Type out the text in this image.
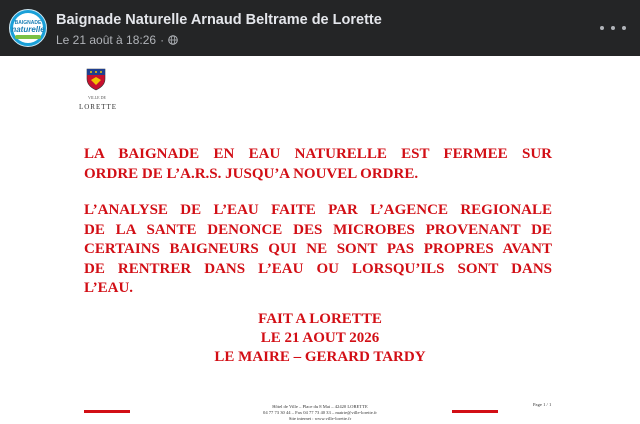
BAIGNADE
naturelle
Baignade Naturelle Arnaud Beltrame de Lorette
Le 21 août à 18:26 ·
VILLE DE
LORETTE
LA BAIGNADE EN EAU NATURELLE EST FERMEE SUR
ORDRE DE L’A.R.S. JUSQU’A NOUVEL ORDRE.
L’ANALYSE DE L’EAU FAITE PAR L’AGENCE REGIONALE
DE LA SANTE DENONCE DES MICROBES PROVENANT DE
CERTAINS BAIGNEURS QUI NE SONT PAS PROPRES AVANT
DE RENTRER DANS L’EAU OU LORSQU’ILS SONT DANS
L’EAU.
FAIT A LORETTE
LE 21 AOUT 2026
LE MAIRE – GERARD TARDY
Hôtel de Ville – Place du 8 Mai – 42420 LORETTE
04 77 73 30 44 – Fax 04 77 73 40 33 – mairie@ville-lorette.fr
Site internet : www.ville-lorette.fr
Page 1 / 1
